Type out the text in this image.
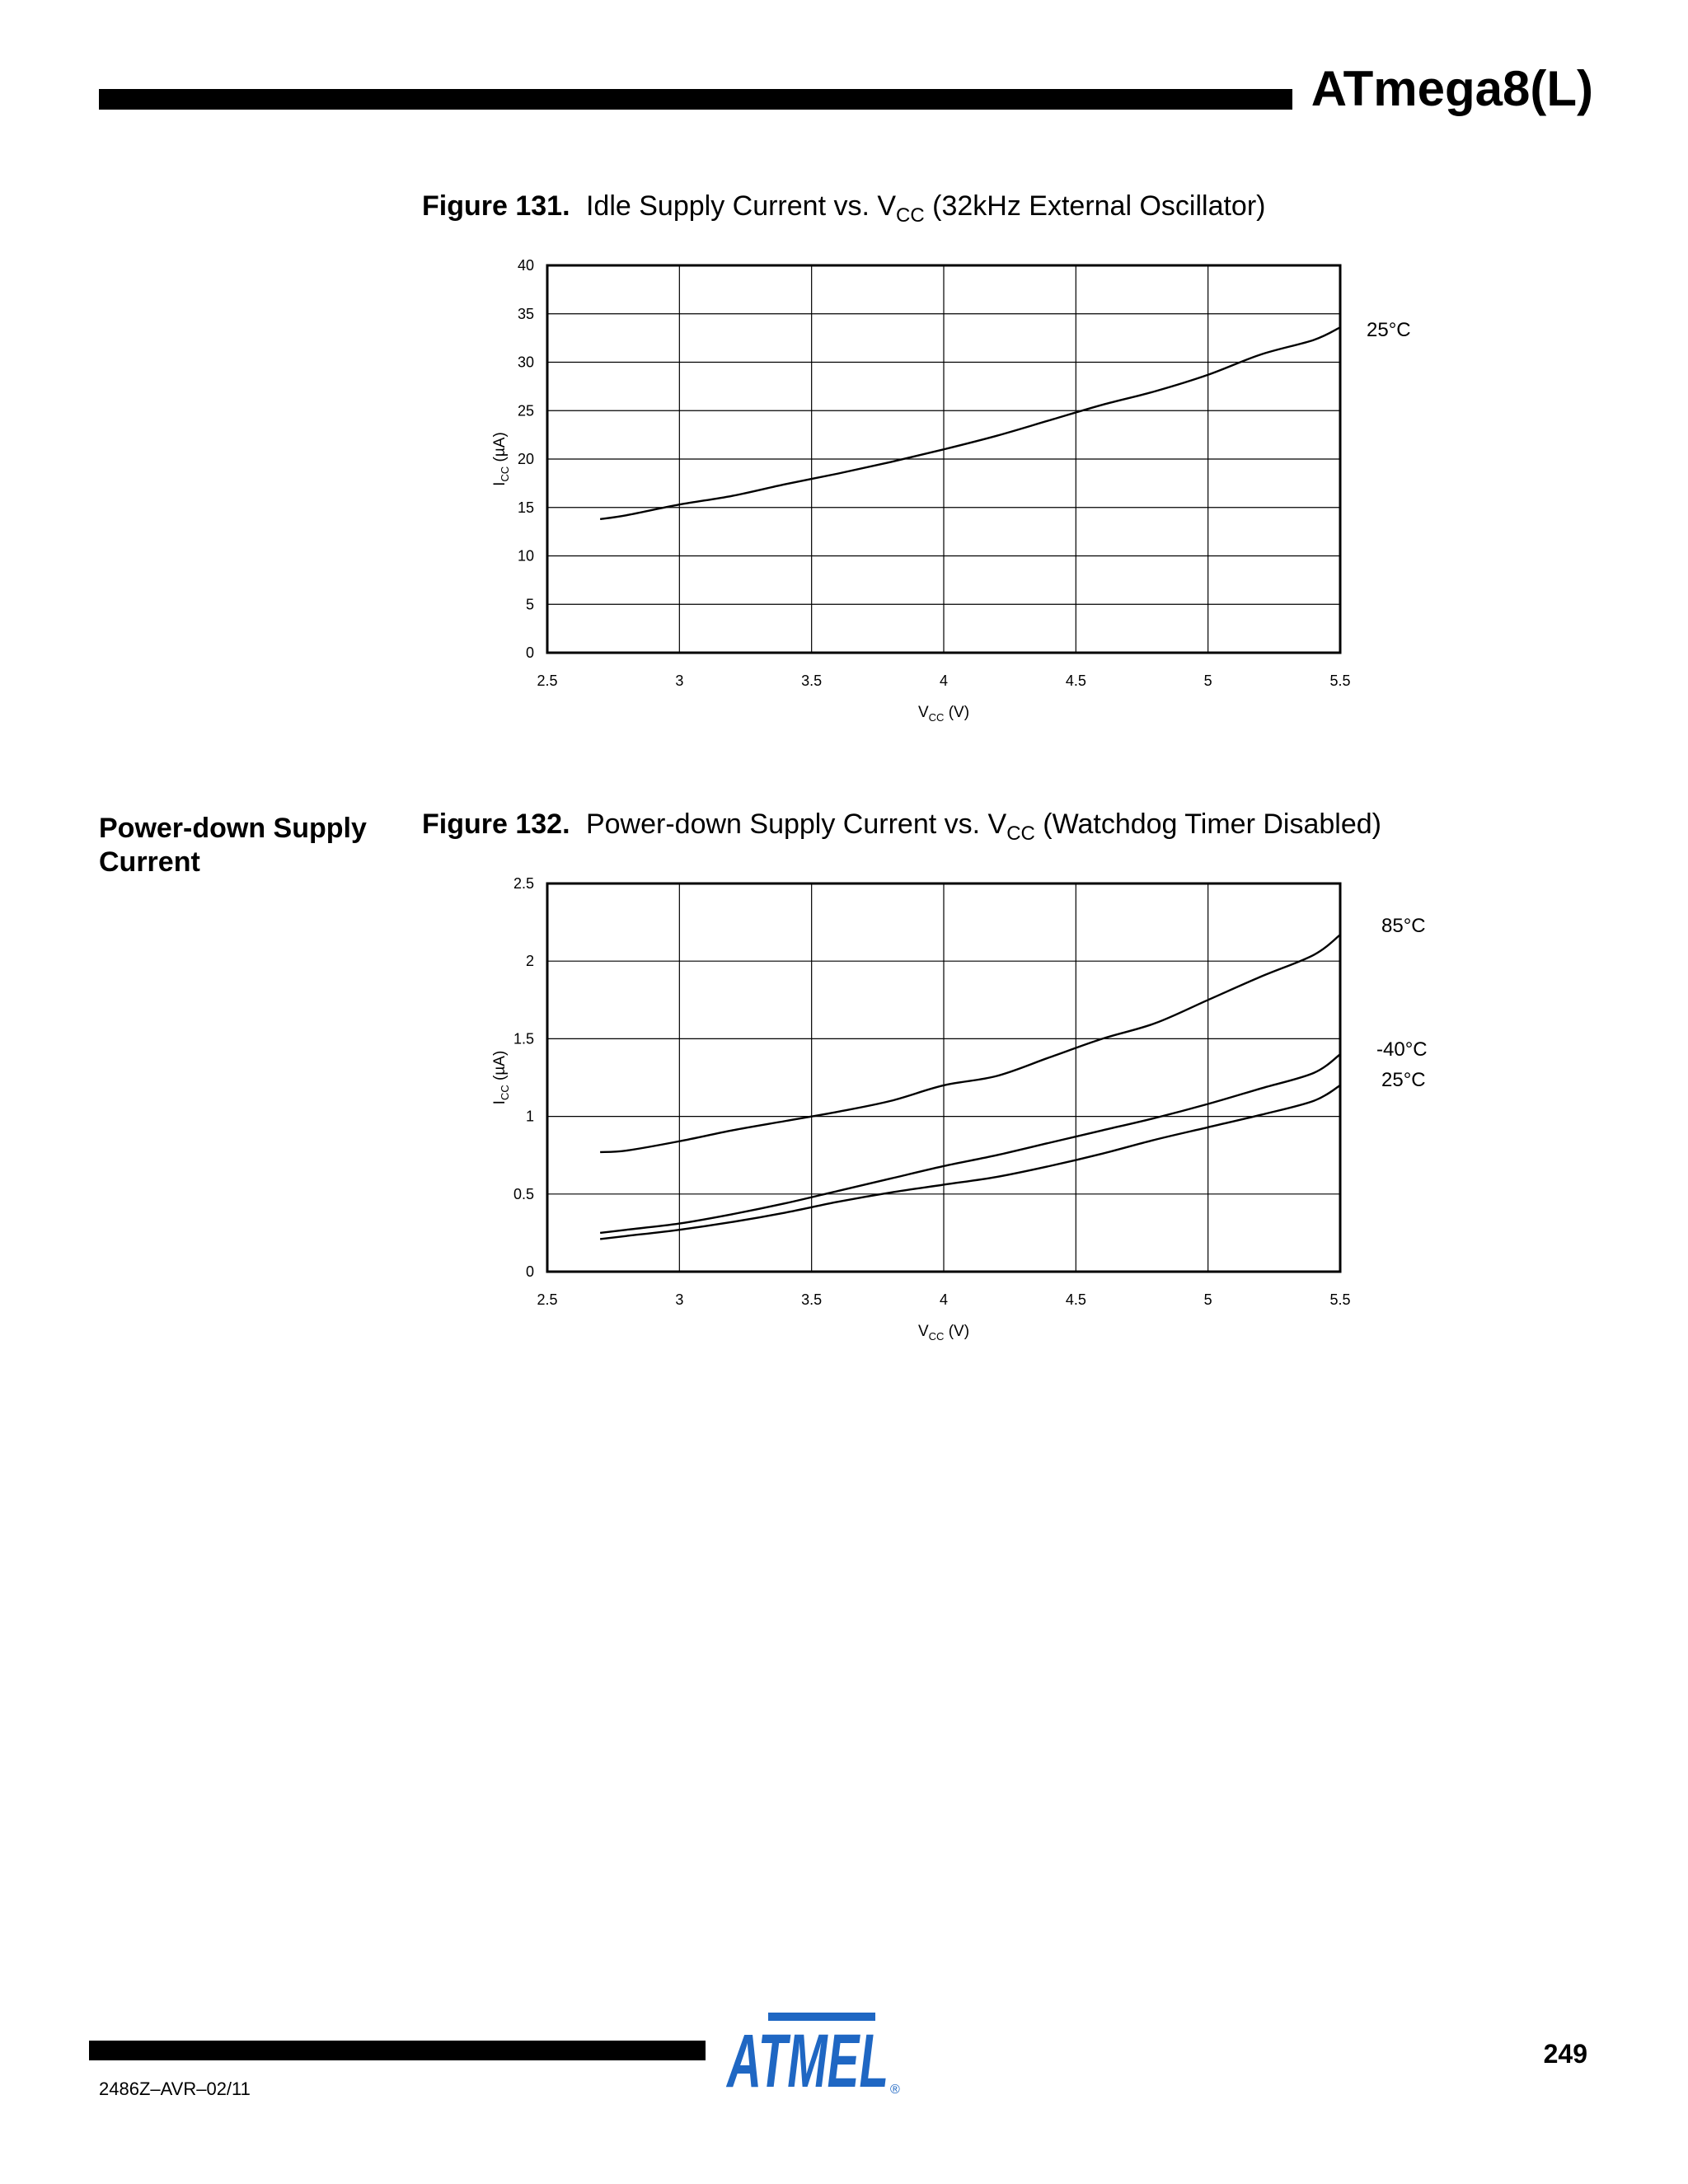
ATmega8(L)
Figure 131. Idle Supply Current vs. $V_{CC}$ (32kHz External Oscillator)
2.5	3	3.5	4	4.5	5	5.5
0
5
10
15
20
25
30
35
40
$V_{CC}$ (V)
$I_{CC}$ (µA)
25°C
Power-down Supply Current
Figure 132. Power-down Supply Current vs. $V_{CC}$ (Watchdog Timer Disabled)
2.5	3	3.5	4	4.5	5	5.5
0
0.5
1
1.5
2
2.5
$V_{CC}$ (V)
$I_{CC}$ (µA)
85°C
-40°C
25°C
2486Z–AVR–02/11
249
ATMEL ®
